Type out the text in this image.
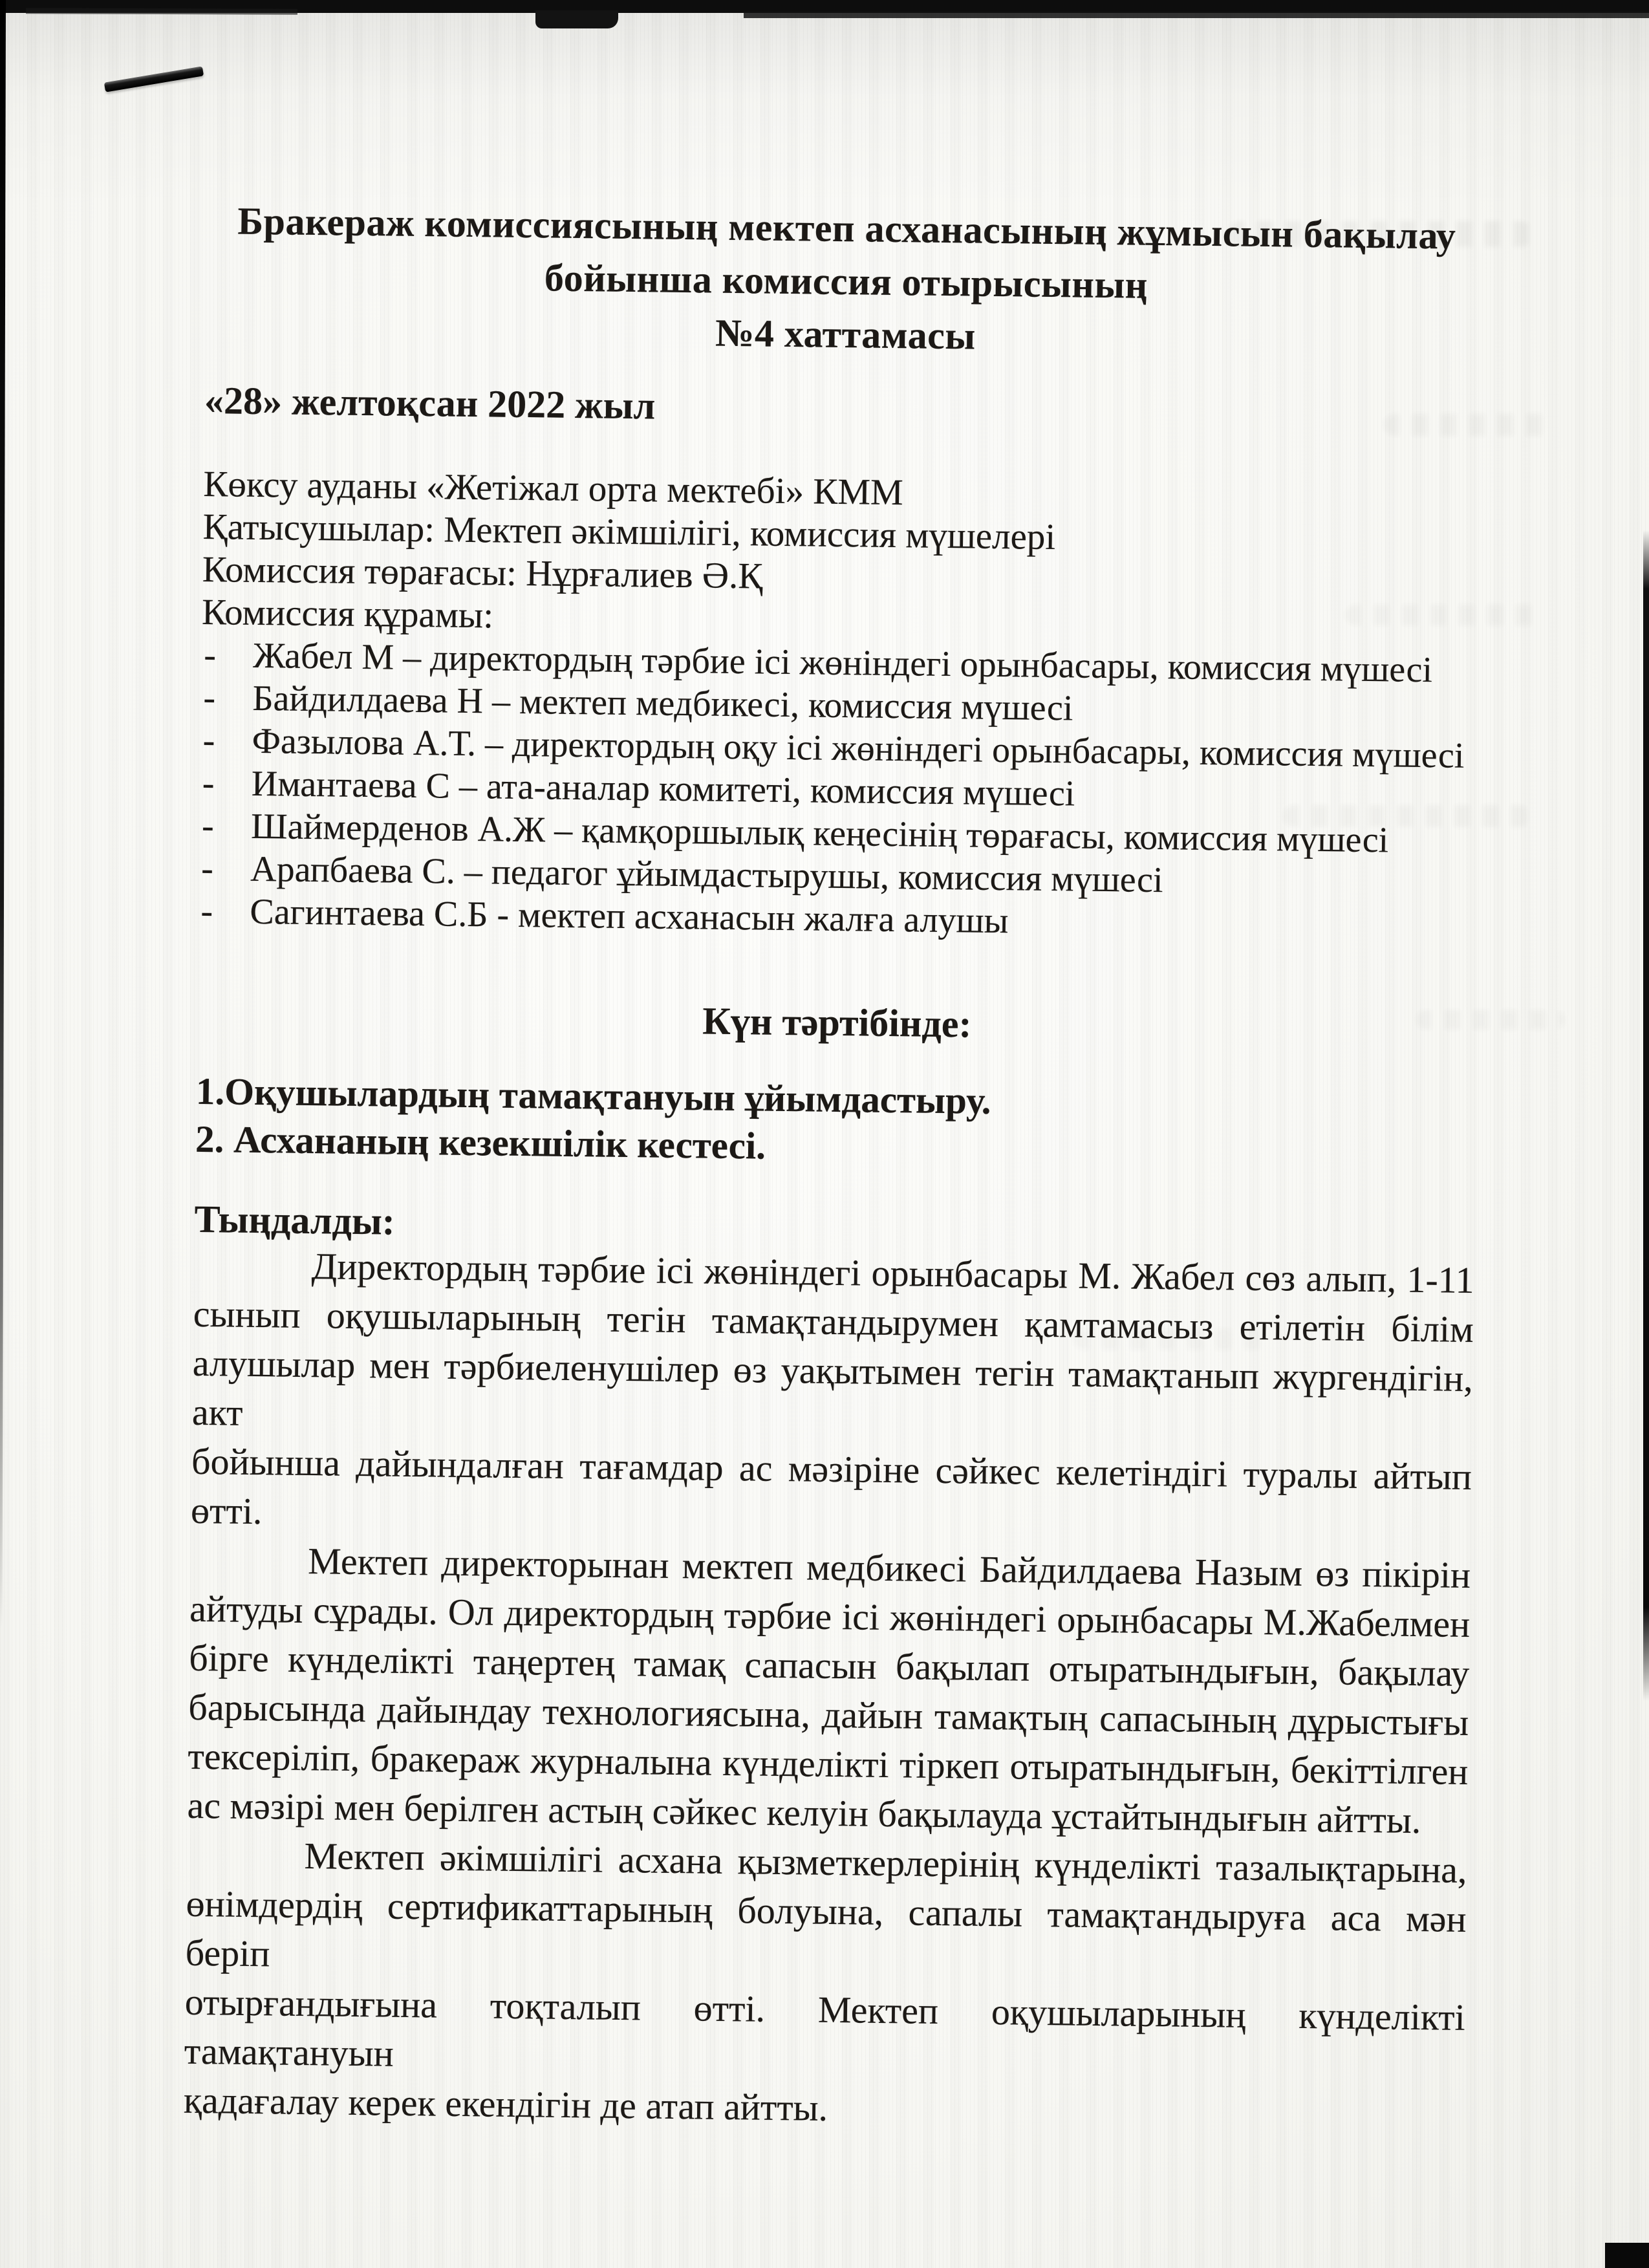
Бракераж комиссиясының мектеп асханасының жұмысын бақылау
бойынша комиссия отырысының
№4 хаттамасы
«28» желтоқсан 2022 жыл
Көксу ауданы «Жетіжал орта мектебі» КММ
Қатысушылар: Мектеп әкімшілігі, комиссия мүшелері
Комиссия төрағасы: Нұрғалиев Ә.Қ
Комиссия құрамы:
-	Жабел М – директордың тәрбие ісі жөніндегі орынбасары, комиссия мүшесі
-	Байдилдаева Н – мектеп медбикесі, комиссия мүшесі
-	Фазылова А.Т. – директордың оқу ісі жөніндегі орынбасары, комиссия мүшесі
-	Имантаева С – ата-аналар комитеті, комиссия мүшесі
-	Шаймерденов А.Ж – қамқоршылық кеңесінің төрағасы, комиссия мүшесі
-	Арапбаева С. – педагог ұйымдастырушы, комиссия мүшесі
-	Сагинтаева С.Б - мектеп асханасын жалға алушы
Күн тәртібінде:
1.Оқушылардың тамақтануын ұйымдастыру.
2. Асхананың кезекшілік кестесі.
Тыңдалды:
Директордың тәрбие ісі жөніндегі орынбасары М. Жабел сөз алып, 1-11
сынып оқушыларының тегін тамақтандырумен қамтамасыз етілетін білім
алушылар мен тәрбиеленушілер өз уақытымен тегін тамақтанып жүргендігін, акт
бойынша дайындалған тағамдар ас мәзіріне сәйкес келетіндігі туралы айтып өтті.
Мектеп директорынан мектеп медбикесі Байдилдаева Назым өз пікірін
айтуды сұрады. Ол директордың тәрбие ісі жөніндегі орынбасары М.Жабелмен
бірге күнделікті таңертең тамақ сапасын бақылап отыратындығын, бақылау
барысында дайындау технологиясына, дайын тамақтың сапасының дұрыстығы
тексеріліп, бракераж журналына күнделікті тіркеп отыратындығын, бекіттілген
ас мәзірі мен берілген астың сәйкес келуін бақылауда ұстайтындығын айтты.
Мектеп әкімшілігі асхана қызметкерлерінің күнделікті тазалықтарына,
өнімдердің сертификаттарының болуына, сапалы тамақтандыруға аса мән беріп
отырғандығына тоқталып өтті. Мектеп оқушыларының күнделікті тамақтануын
қадағалау керек екендігін де атап айтты.
